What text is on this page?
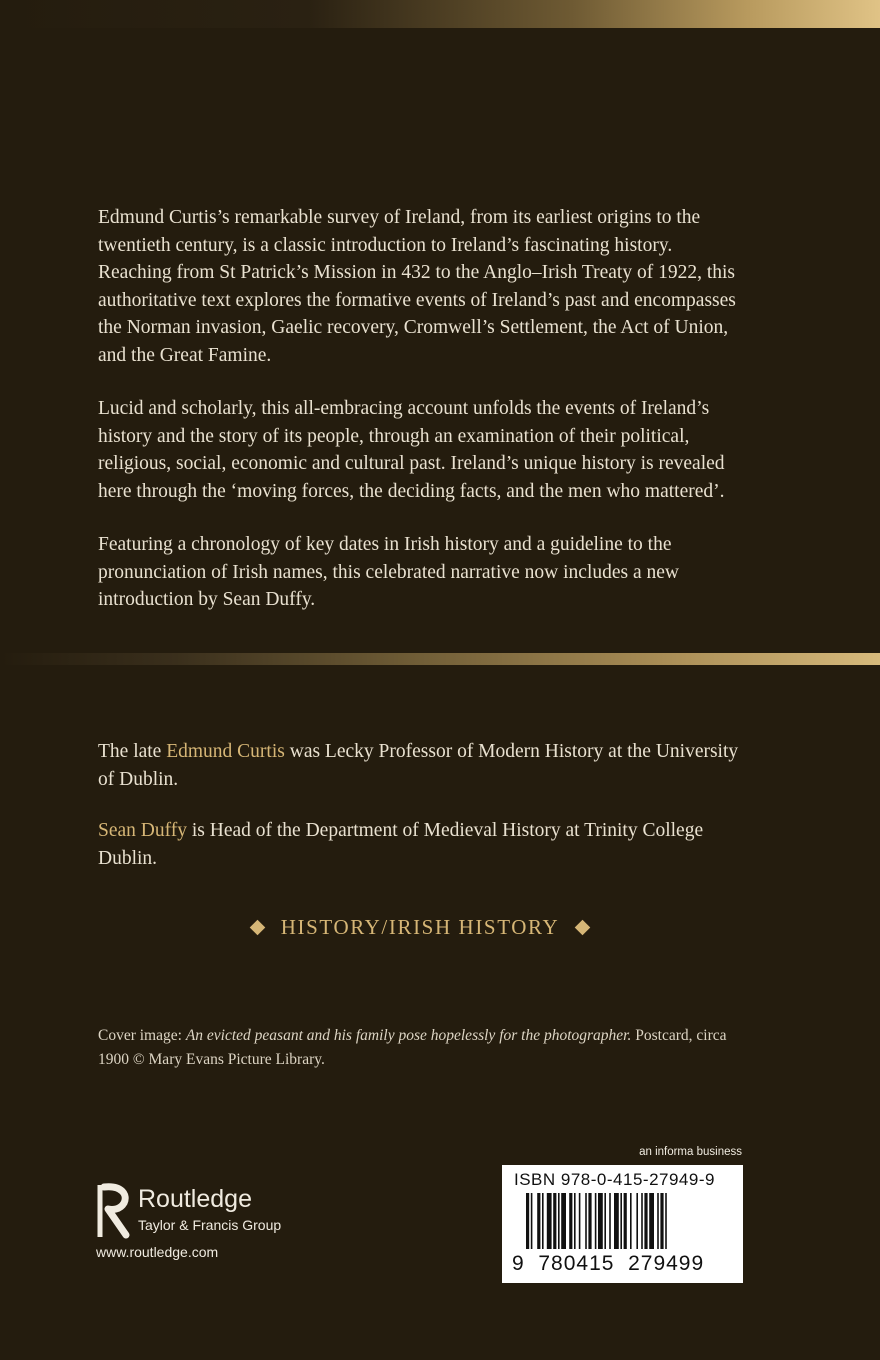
Edmund Curtis’s remarkable survey of Ireland, from its earliest origins to the twentieth century, is a classic introduction to Ireland’s fascinating history. Reaching from St Patrick’s Mission in 432 to the Anglo–Irish Treaty of 1922, this authoritative text explores the formative events of Ireland’s past and encompasses the Norman invasion, Gaelic recovery, Cromwell’s Settlement, the Act of Union, and the Great Famine.

Lucid and scholarly, this all-embracing account unfolds the events of Ireland’s history and the story of its people, through an examination of their political, religious, social, economic and cultural past. Ireland’s unique history is revealed here through the ‘moving forces, the deciding facts, and the men who mattered’.

Featuring a chronology of key dates in Irish history and a guideline to the pronunciation of Irish names, this celebrated narrative now includes a new introduction by Sean Duffy.

The late Edmund Curtis was Lecky Professor of Modern History at the University of Dublin.

Sean Duffy is Head of the Department of Medieval History at Trinity College Dublin.

HISTORY/IRISH HISTORY
Cover image: An evicted peasant and his family pose hopelessly for the photographer. Postcard, circa 1900 © Mary Evans Picture Library.
Routledge
Taylor & Francis Group
www.routledge.com
an informa business
ISBN 978-0-415-27949-9
9  780415  279499
